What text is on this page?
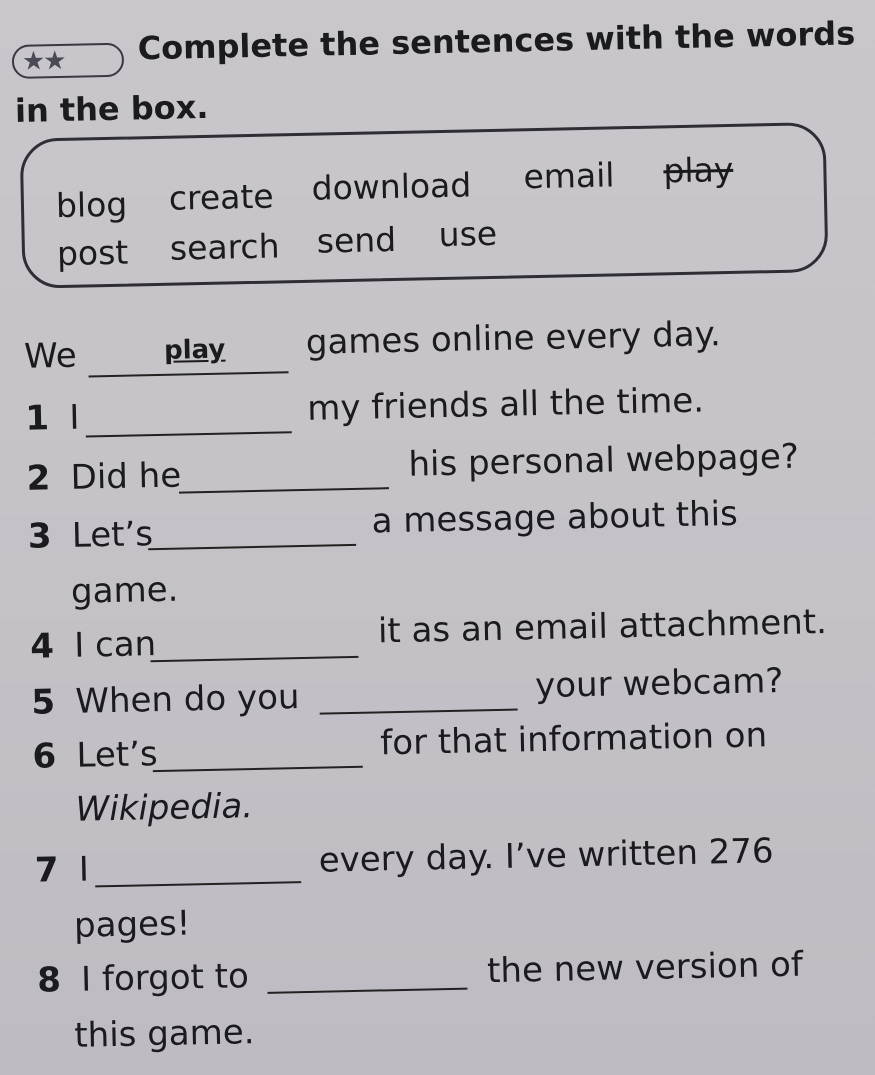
★★	Complete the sentences with the words
in the box.
blog create download email play
post search send use
We	play games online every day.
1 I	my friends all the time.
2 Did he	his personal webpage?
3 Let’s	a message about this
game.
4 I can	it as an email attachment.
5 When do you	your webcam?
6 Let’s	for that information on
Wikipedia.
7 I	every day. I’ve written 276
pages!
8 I forgot to	the new version of
this game.
